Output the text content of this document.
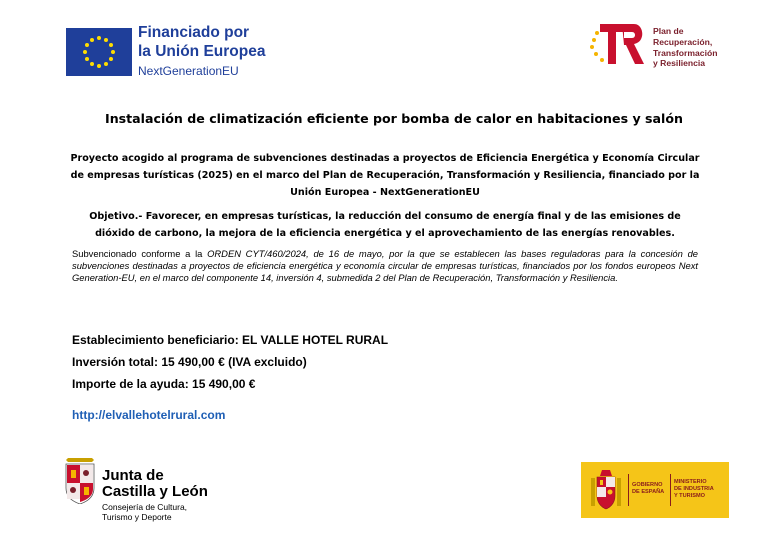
Financiado por
la Unión Europea
NextGenerationEU
Plan de
Recuperación,
Transformación
y Resiliencia
Instalación de climatización eficiente por bomba de calor en habitaciones y salón
Proyecto acogido al programa de subvenciones destinadas a proyectos de Eficiencia Energética y Economía Circular de empresas turísticas (2025) en el marco del Plan de Recuperación, Transformación y Resiliencia, financiado por la Unión Europea - NextGenerationEU
Objetivo.- Favorecer, en empresas turísticas, la reducción del consumo de energía final y de las emisiones de dióxido de carbono, la mejora de la eficiencia energética y el aprovechamiento de las energías renovables.
Subvencionado conforme a la ORDEN CYT/460/2024, de 16 de mayo, por la que se establecen las bases reguladoras para la concesión de subvenciones destinadas a proyectos de eficiencia energética y economía circular de empresas turísticas, financiados por los fondos europeos Next Generation-EU, en el marco del componente 14, inversión 4, submedida 2 del Plan de Recuperación, Transformación y Resiliencia.
Establecimiento beneficiario: EL VALLE HOTEL RURAL
Inversión total: 15 490,00 € (IVA excluido)
Importe de la ayuda: 15 490,00 €
http://elvallehotelrural.com
Junta de
Castilla y León
Consejería de Cultura,
Turismo y Deporte
GOBIERNO
DE ESPAÑA
MINISTERIO
DE INDUSTRIA
Y TURISMO
